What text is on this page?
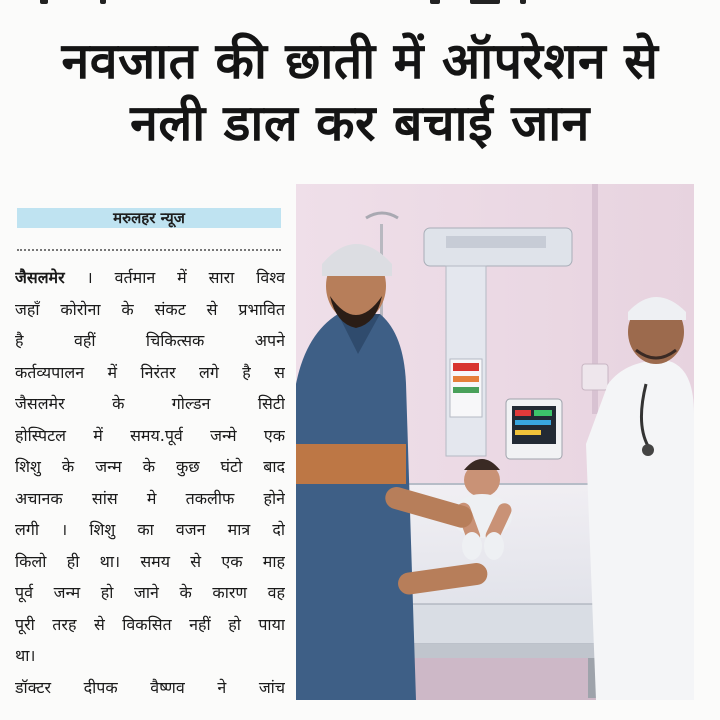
नवजात की छाती में ऑपरेशन से
नली डाल कर बचाई जान
मरुलहर न्यूज
जैसलमेर । वर्तमान में सारा विश्व
जहाँ कोरोना के संकट से प्रभावित
है वहीं चिकित्सक अपने
कर्तव्यपालन में निरंतर लगे है स
जैसलमेर के गोल्डन सिटी
होस्पिटल में समय.पूर्व जन्मे एक
शिशु के जन्म के कुछ घंटो बाद
अचानक सांस मे तकलीफ होने
लगी । शिशु का वजन मात्र दो
किलो ही था। समय से एक माह
पूर्व जन्म हो जाने के कारण वह
पूरी तरह से विकसित नहीं हो पाया
था।
डॉक्टर दीपक वैष्णव ने जांच
